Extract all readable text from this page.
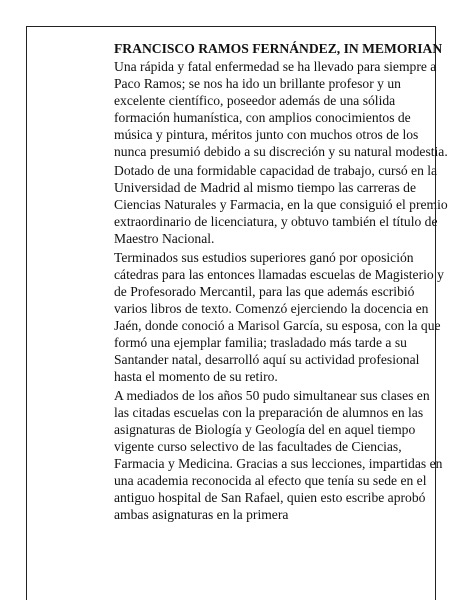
FRANCISCO RAMOS FERNÁNDEZ, IN MEMORIAN

Una rápida y fatal enfermedad se ha llevado para siempre a Paco Ramos; se nos ha ido un brillante profesor y un excelente científico, poseedor además de una sólida formación humanística, con amplios conocimientos de música y pintura, méritos junto con muchos otros de los nunca presumió debido a su discreción y su natural modestia.

Dotado de una formidable capacidad de trabajo, cursó en la Universidad de Madrid al mismo tiempo las carreras de Ciencias Naturales y Farmacia, en la que consiguió el premio extraordinario de licenciatura, y obtuvo también el título de Maestro Nacional.

Terminados sus estudios superiores ganó por oposición cátedras para las entonces llamadas escuelas de Magisterio y de Profesorado Mercantil, para las que además escribió varios libros de texto. Comenzó ejerciendo la docencia en Jaén, donde conoció a Marisol García, su esposa, con la que formó una ejemplar familia; trasladado más tarde a su Santander natal, desarrolló aquí su actividad profesional hasta el momento de su retiro.

A mediados de los años 50 pudo simultanear sus clases en las citadas escuelas con la preparación de alumnos en las asignaturas de Biología y Geología del en aquel tiempo vigente curso selectivo de las facultades de Ciencias, Farmacia y Medicina. Gracias a sus lecciones, impartidas en una academia reconocida al efecto que tenía su sede en el antiguo hospital de San Rafael, quien esto escribe aprobó ambas asignaturas en la primera
